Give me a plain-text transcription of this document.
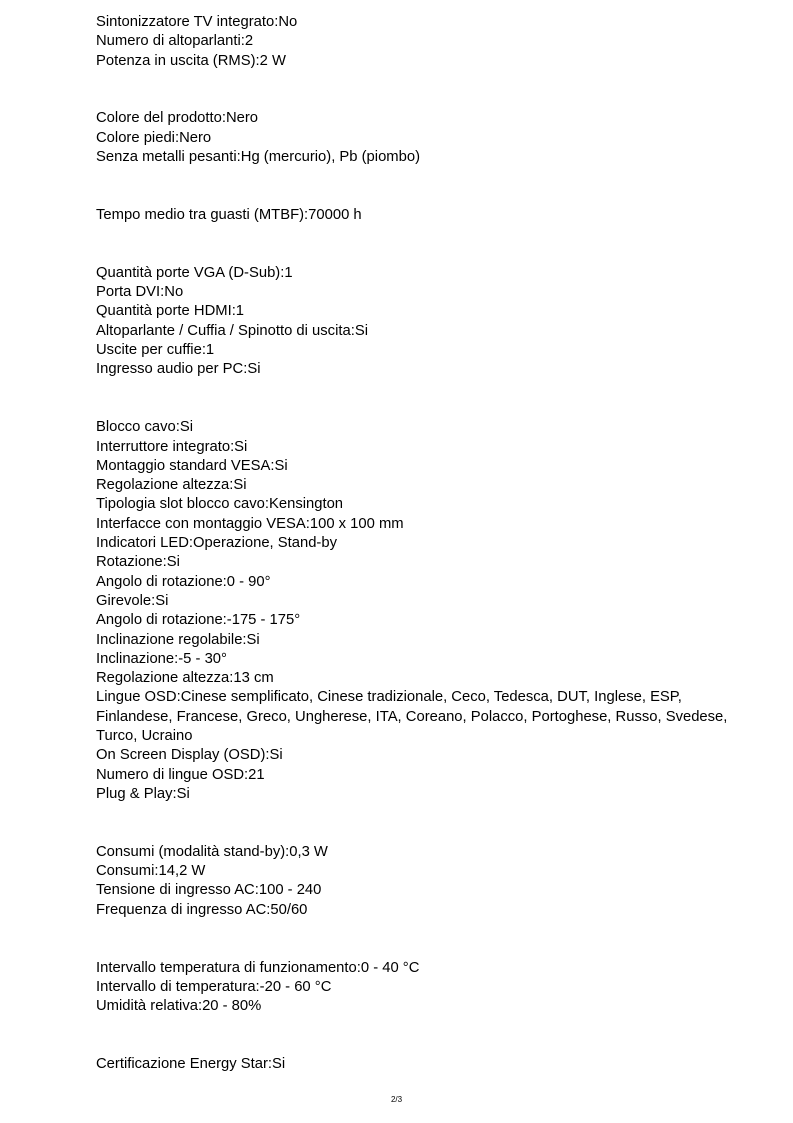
Sintonizzatore TV integrato:No
Numero di altoparlanti:2
Potenza in uscita (RMS):2 W
Colore del prodotto:Nero
Colore piedi:Nero
Senza metalli pesanti:Hg (mercurio), Pb (piombo)
Tempo medio tra guasti (MTBF):70000 h
Quantità porte VGA (D-Sub):1
Porta DVI:No
Quantità porte HDMI:1
Altoparlante / Cuffia / Spinotto di uscita:Si
Uscite per cuffie:1
Ingresso audio per PC:Si
Blocco cavo:Si
Interruttore integrato:Si
Montaggio standard VESA:Si
Regolazione altezza:Si
Tipologia slot blocco cavo:Kensington
Interfacce con montaggio VESA:100 x 100 mm
Indicatori LED:Operazione, Stand-by
Rotazione:Si
Angolo di rotazione:0 - 90°
Girevole:Si
Angolo di rotazione:-175 - 175°
Inclinazione regolabile:Si
Inclinazione:-5 - 30°
Regolazione altezza:13 cm
Lingue OSD:Cinese semplificato, Cinese tradizionale, Ceco, Tedesca, DUT, Inglese, ESP, Finlandese, Francese, Greco, Ungherese, ITA, Coreano, Polacco, Portoghese, Russo, Svedese, Turco, Ucraino
On Screen Display (OSD):Si
Numero di lingue OSD:21
Plug & Play:Si
Consumi (modalità stand-by):0,3 W
Consumi:14,2 W
Tensione di ingresso AC:100 - 240
Frequenza di ingresso AC:50/60
Intervallo temperatura di funzionamento:0 - 40 °C
Intervallo di temperatura:-20 - 60 °C
Umidità relativa:20 - 80%
Certificazione Energy Star:Si
2/3
